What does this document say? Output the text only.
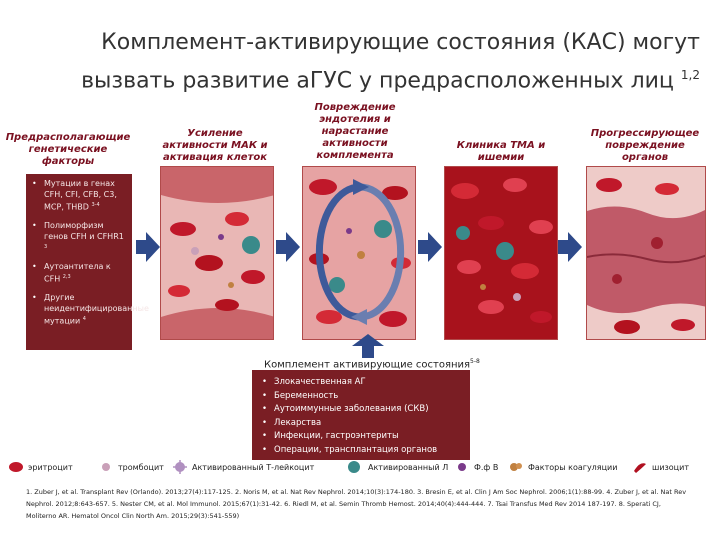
Комплемент-активирующие состояния (КАС) могут
вызвать развитие аГУС у предрасположенных лиц $^{1,2}$
Предрасполагающие генетические факторы
Усиление активности МАК и активация клеток
Повреждение эндотелия и нарастание активности комплемента
Клиника ТМА и ишемии
Прогрессирующее повреждение органов
• Мутации в генах CFH, CFI, CFB, C3, MCP, THBD $^{3-4}$
• Полиморфизм генов CFH и CFHR1 $^3$
• Аутоантитела к CFH $^{2,3}$
• Другие неидентифицированные мутации $^4$
Комплемент активирующие состояния$^{5-8}$
• Злокачественная АГ
• Беременность
• Аутоиммунные заболевания (СКВ)
• Лекарства
• Инфекции, гастроэнтериты
• Операции, трансплантация органов
эритроцит	тромбоцит	Активированный Т-лейкоцит	Активированный Л	Ф.ф В	Факторы коагуляции	шизоцит
1. Zuber J, et al. Transplant Rev (Orlando). 2013;27(4):117-125. 2. Noris M, et al. Nat Rev Nephrol. 2014;10(3):174-180. 3. Bresin E, et al. Clin J Am Soc Nephrol. 2006;1(1):88-99. 4. Zuber J, et al. Nat Rev
Nephrol. 2012;8:643-657. 5. Nester CM, et al. Mol Immunol. 2015;67(1):31-42. 6. Riedl M, et al. Semin Thromb Hemost. 2014;40(4):444-444. 7. Tsai Transfus Med Rev 2014 187-197. 8. Sperati CJ,
Moliterno AR. Hematol Oncol Clin North Am. 2015;29(3):541-559)
